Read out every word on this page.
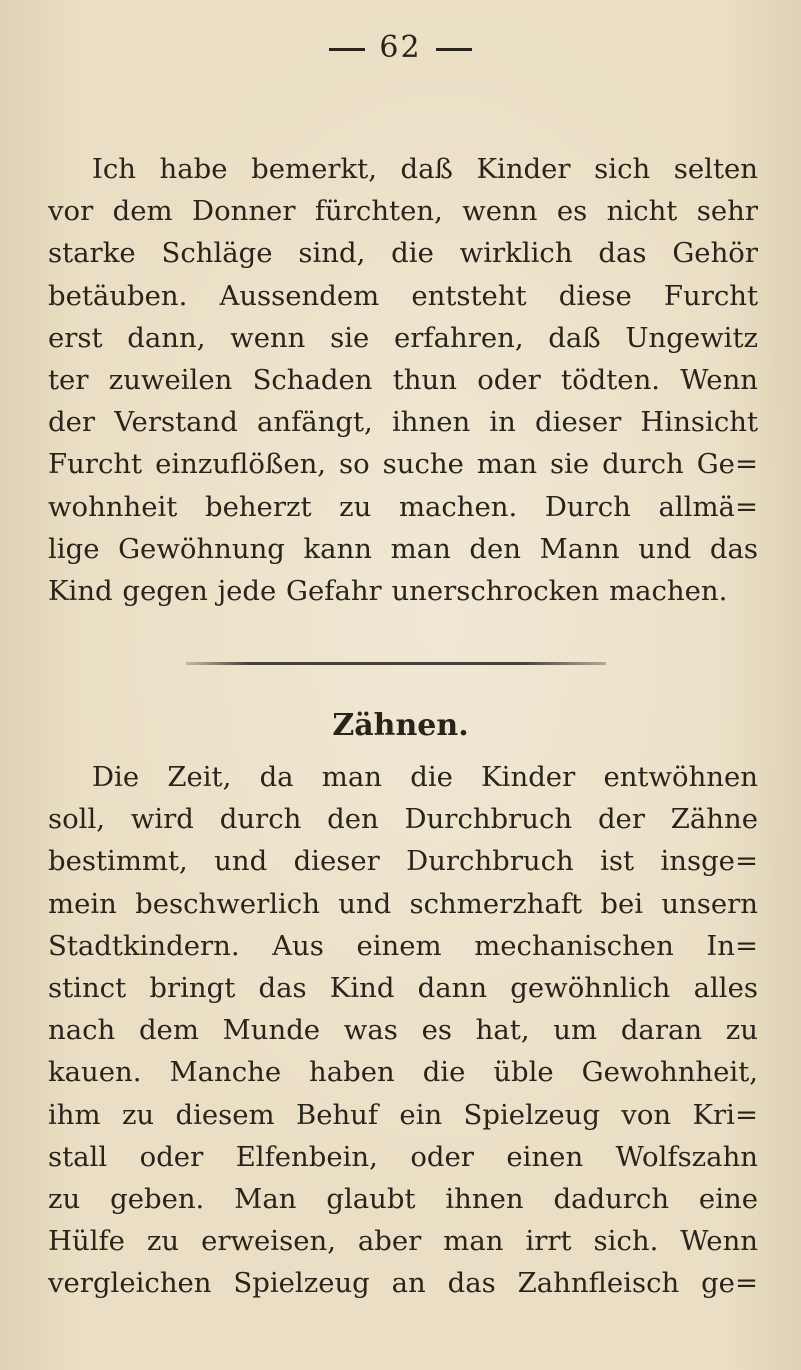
62
Ich habe bemerkt, daß Kinder sich selten
vor dem Donner fürchten, wenn es nicht sehr
starke Schläge sind, die wirklich das Gehör
betäuben. Aussendem entsteht diese Furcht
erst dann, wenn sie erfahren, daß Ungewitz
ter zuweilen Schaden thun oder tödten. Wenn
der Verstand anfängt, ihnen in dieser Hinsicht
Furcht einzuflößen, so suche man sie durch Ge=
wohnheit beherzt zu machen. Durch allmä=
lige Gewöhnung kann man den Mann und das
Kind gegen jede Gefahr unerschrocken machen.
Zähnen.
Die Zeit, da man die Kinder entwöhnen
soll, wird durch den Durchbruch der Zähne
bestimmt, und dieser Durchbruch ist insge=
mein beschwerlich und schmerzhaft bei unsern
Stadtkindern. Aus einem mechanischen In=
stinct bringt das Kind dann gewöhnlich alles
nach dem Munde was es hat, um daran zu
kauen. Manche haben die üble Gewohnheit,
ihm zu diesem Behuf ein Spielzeug von Kri=
stall oder Elfenbein, oder einen Wolfszahn
zu geben. Man glaubt ihnen dadurch eine
Hülfe zu erweisen, aber man irrt sich. Wenn
vergleichen Spielzeug an das Zahnfleisch ge=
